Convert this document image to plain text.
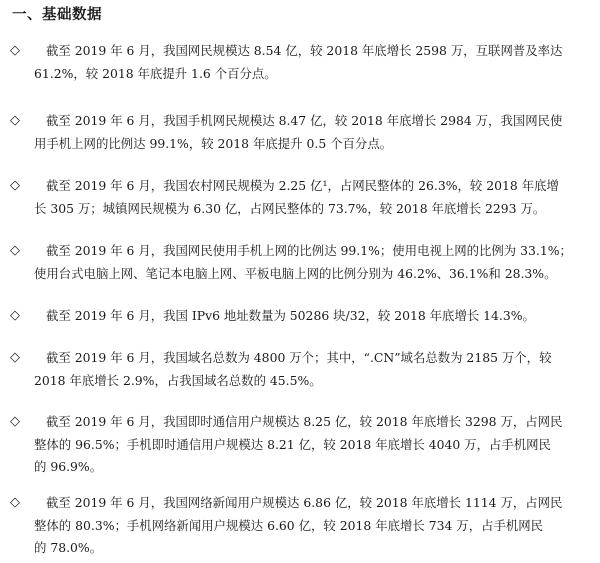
一、基础数据
◇ 截至 2019 年 6 月，我国网民规模达 8.54 亿，较 2018 年底增长 2598 万，互联网普及率达
61.2%，较 2018 年底提升 1.6 个百分点。
◇ 截至 2019 年 6 月，我国手机网民规模达 8.47 亿，较 2018 年底增长 2984 万，我国网民使
用手机上网的比例达 99.1%，较 2018 年底提升 0.5 个百分点。
◇ 截至 2019 年 6 月，我国农村网民规模为 2.25 亿¹，占网民整体的 26.3%，较 2018 年底增
长 305 万；城镇网民规模为 6.30 亿，占网民整体的 73.7%，较 2018 年底增长 2293 万。
◇ 截至 2019 年 6 月，我国网民使用手机上网的比例达 99.1%；使用电视上网的比例为 33.1%；
使用台式电脑上网、笔记本电脑上网、平板电脑上网的比例分别为 46.2%、36.1%和 28.3%。
◇ 截至 2019 年 6 月，我国 IPv6 地址数量为 50286 块/32，较 2018 年底增长 14.3%。
◇ 截至 2019 年 6 月，我国域名总数为 4800 万个；其中，“.CN”域名总数为 2185 万个，较
2018 年底增长 2.9%，占我国域名总数的 45.5%。
◇ 截至 2019 年 6 月，我国即时通信用户规模达 8.25 亿，较 2018 年底增长 3298 万，占网民
整体的 96.5%；手机即时通信用户规模达 8.21 亿，较 2018 年底增长 4040 万，占手机网民
的 96.9%。
◇ 截至 2019 年 6 月，我国网络新闻用户规模达 6.86 亿，较 2018 年底增长 1114 万，占网民
整体的 80.3%；手机网络新闻用户规模达 6.60 亿，较 2018 年底增长 734 万，占手机网民
的 78.0%。
